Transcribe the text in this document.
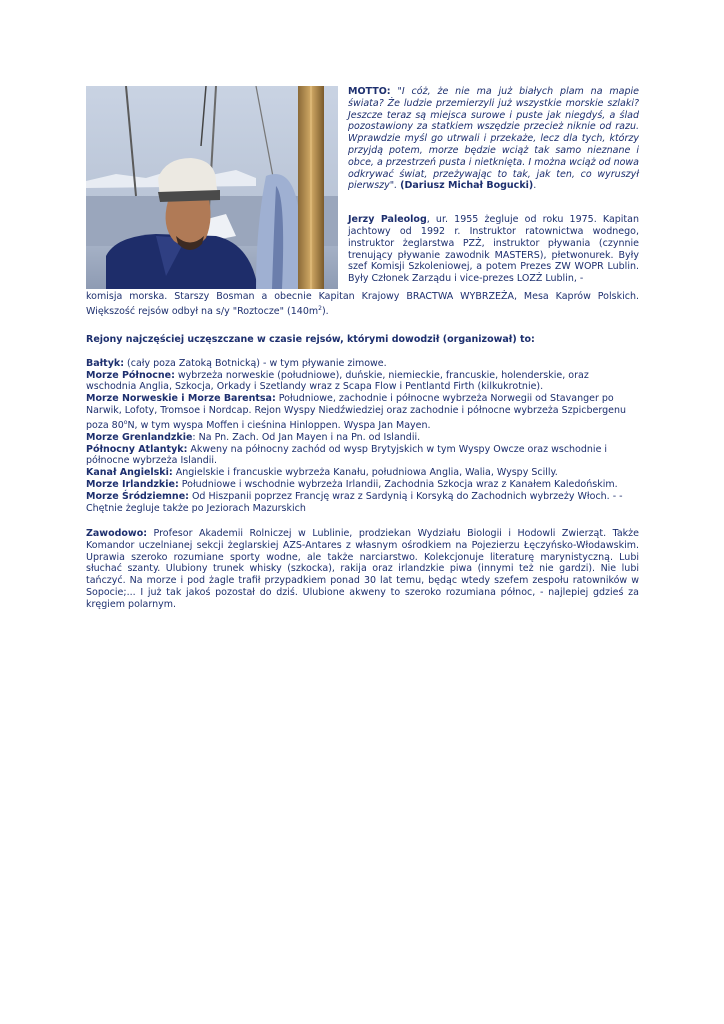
MOTTO: "I cóż, że nie ma już białych plam na mapie świata? Że ludzie przemierzyli już wszystkie morskie szlaki? Jeszcze teraz są miejsca surowe i puste jak niegdyś, a ślad pozostawiony za statkiem wszędzie przecież niknie od razu. Wprawdzie myśl go utrwali i przekaże, lecz dla tych, którzy przyjdą potem, morze będzie wciąż tak samo nieznane i obce, a przestrzeń pusta i nietknięta. I można wciąż od nowa odkrywać świat, przeżywając to tak, jak ten, co wyruszył pierwszy". (Dariusz Michał Bogucki).

Jerzy Paleolog, ur. 1955 żegluje od roku 1975. Kapitan jachtowy od 1992 r. Instruktor ratownictwa wodnego, instruktor żeglarstwa PZŻ, instruktor pływania (czynnie trenujący pływanie zawodnik MASTERS), płetwonurek. Były szef Komisji Szkoleniowej, a potem Prezes ZW WOPR Lublin. Były Członek Zarządu i vice-prezes LOZŻ Lublin, -

komisja morska. Starszy Bosman a obecnie Kapitan Krajowy BRACTWA WYBRZEŻA, Mesa Kaprów Polskich. Większość rejsów odbył na s/y "Roztocze" $(140m^2)$.

Rejony najczęściej uczęszczane w czasie rejsów, którymi dowodził (organizował) to:

Bałtyk: (cały poza Zatoką Botnicką) - w tym pływanie zimowe.

Morze Północne: wybrzeża norweskie (południowe), duńskie, niemieckie, francuskie, holenderskie, oraz wschodnia Anglia, Szkocja, Orkady i Szetlandy wraz z Scapa Flow i Pentlantd Firth (kilkukrotnie).

Morze Norweskie i Morze Barentsa: Południowe, zachodnie i północne wybrzeża Norwegii od Stavanger po Narwik, Lofoty, Tromsoe i Nordcap. Rejon Wyspy Niedźwiedziej oraz zachodnie i północne wybrzeża Szpicbergenu poza 80$^o$N, w tym wyspa Moffen i cieśnina Hinloppen. Wyspa Jan Mayen.

Morze Grenlandzkie: Na Pn. Zach. Od Jan Mayen i na Pn. od Islandii.

Północny Atlantyk: Akweny na północny zachód od wysp Brytyjskich w tym Wyspy Owcze oraz wschodnie i północne wybrzeża Islandii.

Kanał Angielski: Angielskie i francuskie wybrzeża Kanału, południowa Anglia, Walia, Wyspy Scilly.

Morze Irlandzkie: Południowe i wschodnie wybrzeża Irlandii, Zachodnia Szkocja wraz z Kanałem Kaledońskim.

Morze Śródziemne: Od Hiszpanii poprzez Francję wraz z Sardynią i Korsyką do Zachodnich wybrzeży Włoch. - - Chętnie żegluje także po Jeziorach Mazurskich

Zawodowo: Profesor Akademii Rolniczej w Lublinie, prodziekan Wydziału Biologii i Hodowli Zwierząt. Także Komandor uczelnianej sekcji żeglarskiej AZS-Antares z własnym ośrodkiem na Pojezierzu Łęczyńsko-Włodawskim. Uprawia szeroko rozumiane sporty wodne, ale także narciarstwo. Kolekcjonuje literaturę marynistyczną. Lubi słuchać szanty. Ulubiony trunek whisky (szkocka), rakija oraz irlandzkie piwa (innymi też nie gardzi). Nie lubi tańczyć. Na morze i pod żagle trafił przypadkiem ponad 30 lat temu, będąc wtedy szefem zespołu ratowników w Sopocie;... I już tak jakoś pozostał do dziś. Ulubione akweny to szeroko rozumiana północ, - najlepiej gdzieś za kręgiem polarnym.
